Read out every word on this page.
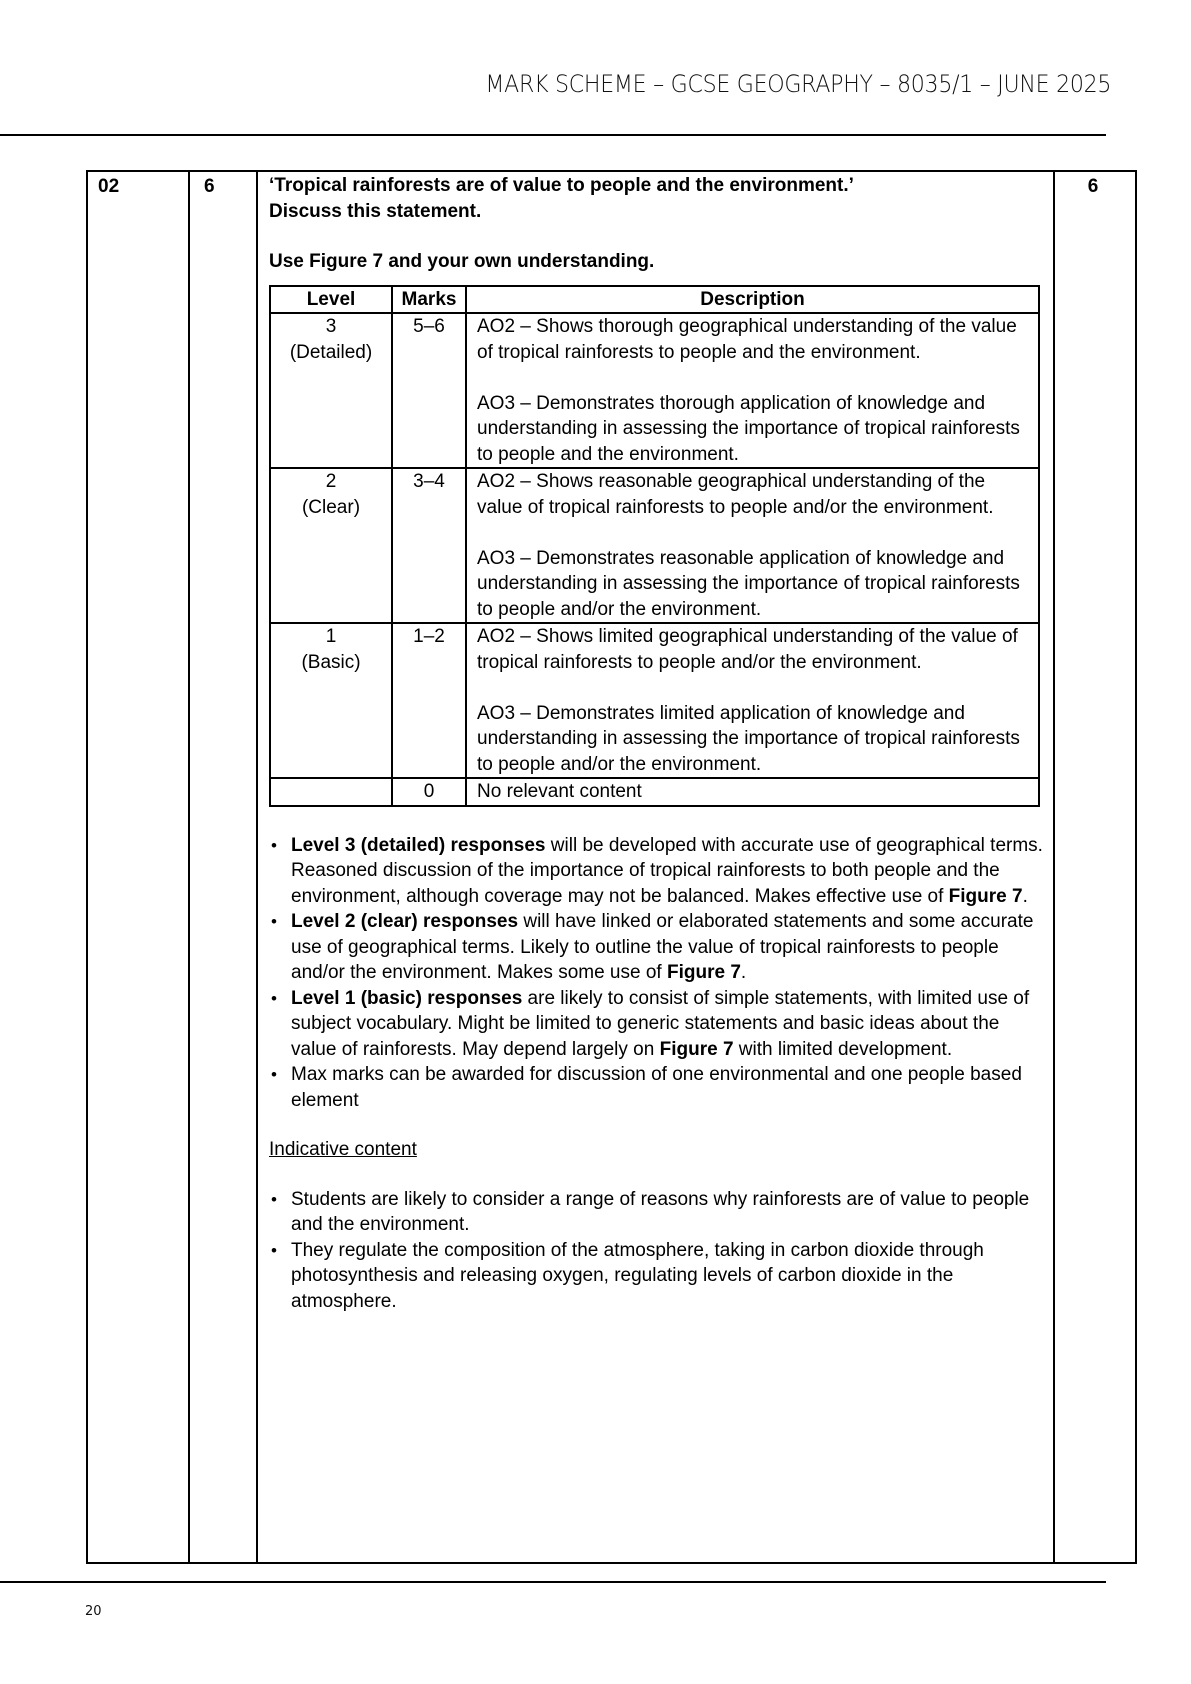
MARK SCHEME – GCSE GEOGRAPHY – 8035/1 – JUNE 2025
02	6	6
‘Tropical rainforests are of value to people and the environment.’
Discuss this statement.
Use Figure 7 and your own understanding.
Level	Marks	Description

3
(Detailed)
	5–6	AO2 – Shows thorough geographical understanding of the value of tropical rainforests to people and the environment.

AO3 – Demonstrates thorough application of knowledge and understanding in assessing the importance of tropical rainforests to people and the environment.

2
(Clear)
	3–4	AO2 – Shows reasonable geographical understanding of the value of tropical rainforests to people and/or the environment.

AO3 – Demonstrates reasonable application of knowledge and understanding in assessing the importance of tropical rainforests to people and/or the environment.

1
(Basic)
	1–2	AO2 – Shows limited geographical understanding of the value of tropical rainforests to people and/or the environment.

AO3 – Demonstrates limited application of knowledge and understanding in assessing the importance of tropical rainforests to people and/or the environment.

	0	No relevant content
• Level 3 (detailed) responses will be developed with accurate use of geographical terms. Reasoned discussion of the importance of tropical rainforests to both people and the environment, although coverage may not be balanced. Makes effective use of Figure 7.
• Level 2 (clear) responses will have linked or elaborated statements and some accurate use of geographical terms. Likely to outline the value of tropical rainforests to people and/or the environment. Makes some use of Figure 7.
• Level 1 (basic) responses are likely to consist of simple statements, with limited use of subject vocabulary. Might be limited to generic statements and basic ideas about the value of rainforests. May depend largely on Figure 7 with limited development.
• Max marks can be awarded for discussion of one environmental and one people based element
Indicative content
• Students are likely to consider a range of reasons why rainforests are of value to people and the environment.
• They regulate the composition of the atmosphere, taking in carbon dioxide through photosynthesis and releasing oxygen, regulating levels of carbon dioxide in the atmosphere.
20
